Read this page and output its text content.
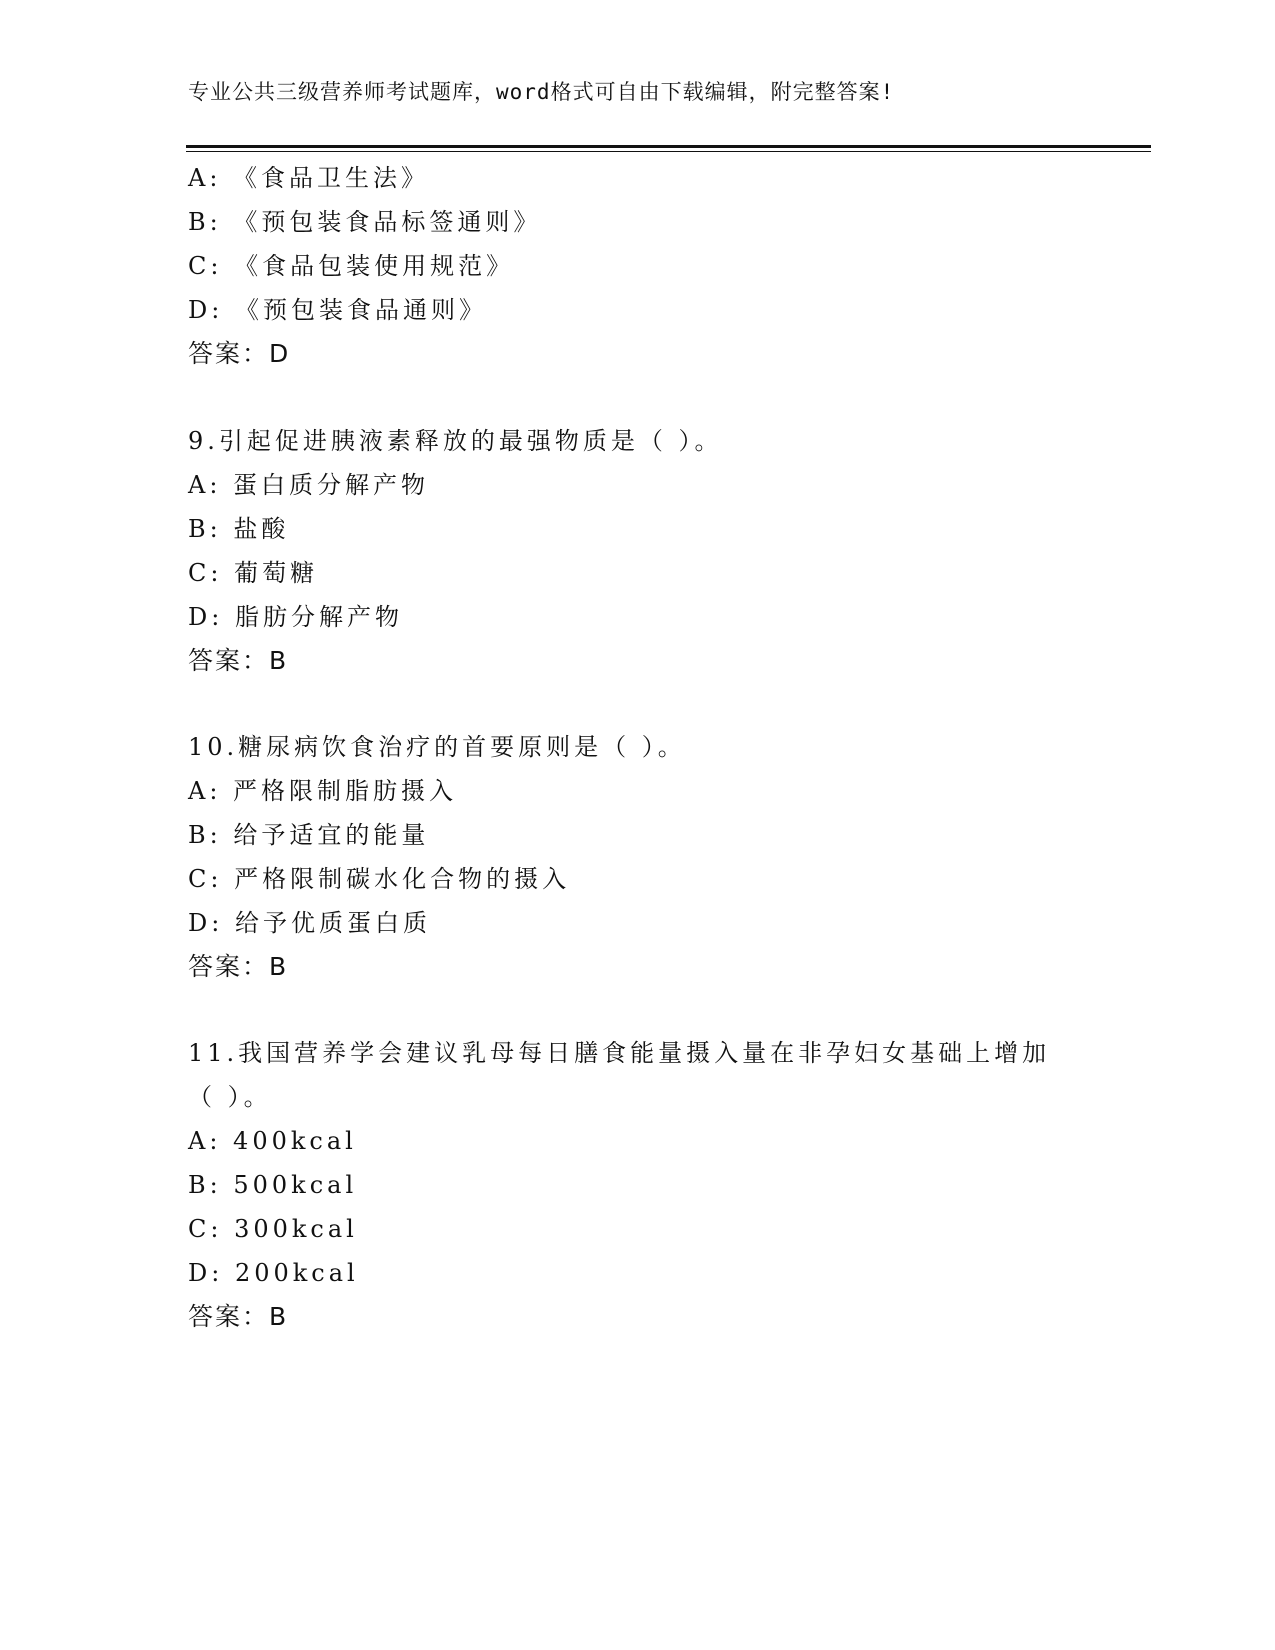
专业公共三级营养师考试题库，word格式可自由下载编辑，附完整答案!
A: 《食品卫生法》
B: 《预包装食品标签通则》
C: 《食品包装使用规范》
D: 《预包装食品通则》
答案：D
9.引起促进胰液素释放的最强物质是（ ）。
A: 蛋白质分解产物
B: 盐酸
C: 葡萄糖
D: 脂肪分解产物
答案：B
10.糖尿病饮食治疗的首要原则是（ ）。
A: 严格限制脂肪摄入
B: 给予适宜的能量
C: 严格限制碳水化合物的摄入
D: 给予优质蛋白质
答案：B
11.我国营养学会建议乳母每日膳食能量摄入量在非孕妇女基础上增加
（ ）。
A: 400kcal
B: 500kcal
C: 300kcal
D: 200kcal
答案：B
